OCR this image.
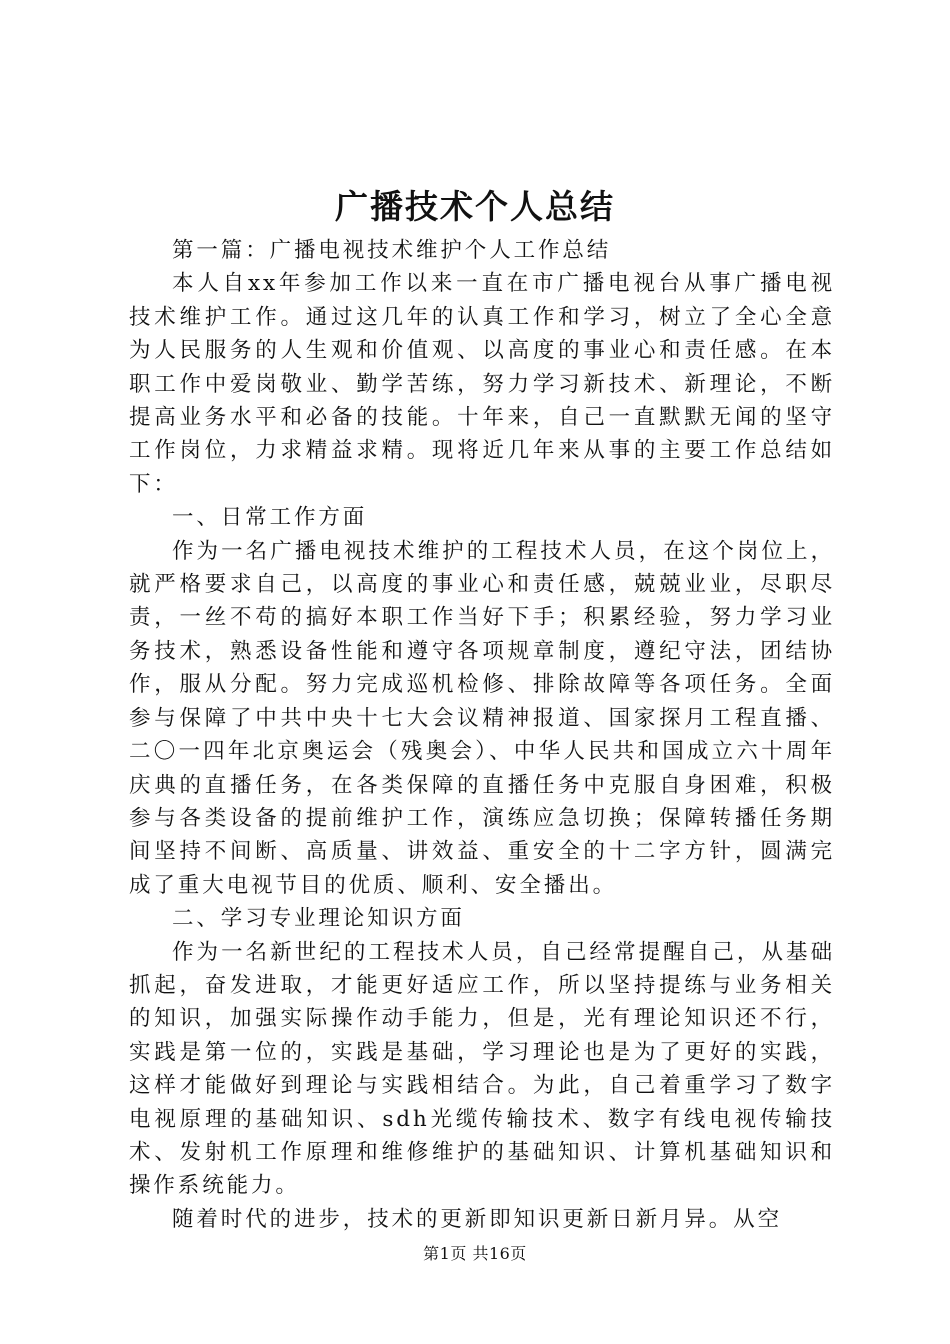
广播技术个人总结

第一篇：广播电视技术维护个人工作总结

本人自xx年参加工作以来一直在市广播电视台从事广播电视技术维护工作。通过这几年的认真工作和学习，树立了全心全意为人民服务的人生观和价值观、以高度的事业心和责任感。在本职工作中爱岗敬业、勤学苦练，努力学习新技术、新理论，不断提高业务水平和必备的技能。十年来，自己一直默默无闻的坚守工作岗位，力求精益求精。现将近几年来从事的主要工作总结如下：

一、日常工作方面

作为一名广播电视技术维护的工程技术人员，在这个岗位上，就严格要求自己，以高度的事业心和责任感，兢兢业业，尽职尽责，一丝不苟的搞好本职工作当好下手；积累经验，努力学习业务技术，熟悉设备性能和遵守各项规章制度，遵纪守法，团结协作，服从分配。努力完成巡机检修、排除故障等各项任务。全面参与保障了中共中央十七大会议精神报道、国家探月工程直播、二〇一四年北京奥运会（残奥会）、中华人民共和国成立六十周年庆典的直播任务，在各类保障的直播任务中克服自身困难，积极参与各类设备的提前维护工作，演练应急切换；保障转播任务期间坚持不间断、高质量、讲效益、重安全的十二字方针，圆满完成了重大电视节目的优质、顺利、安全播出。

二、学习专业理论知识方面

作为一名新世纪的工程技术人员，自己经常提醒自己，从基础抓起，奋发进取，才能更好适应工作，所以坚持提练与业务相关的知识，加强实际操作动手能力，但是，光有理论知识还不行，实践是第一位的，实践是基础，学习理论也是为了更好的实践，这样才能做好到理论与实践相结合。为此，自己着重学习了数字电视原理的基础知识、sdh光缆传输技术、数字有线电视传输技术、发射机工作原理和维修维护的基础知识、计算机基础知识和操作系统能力。

随着时代的进步，技术的更新即知识更新日新月异。从空

第1页 共16页
